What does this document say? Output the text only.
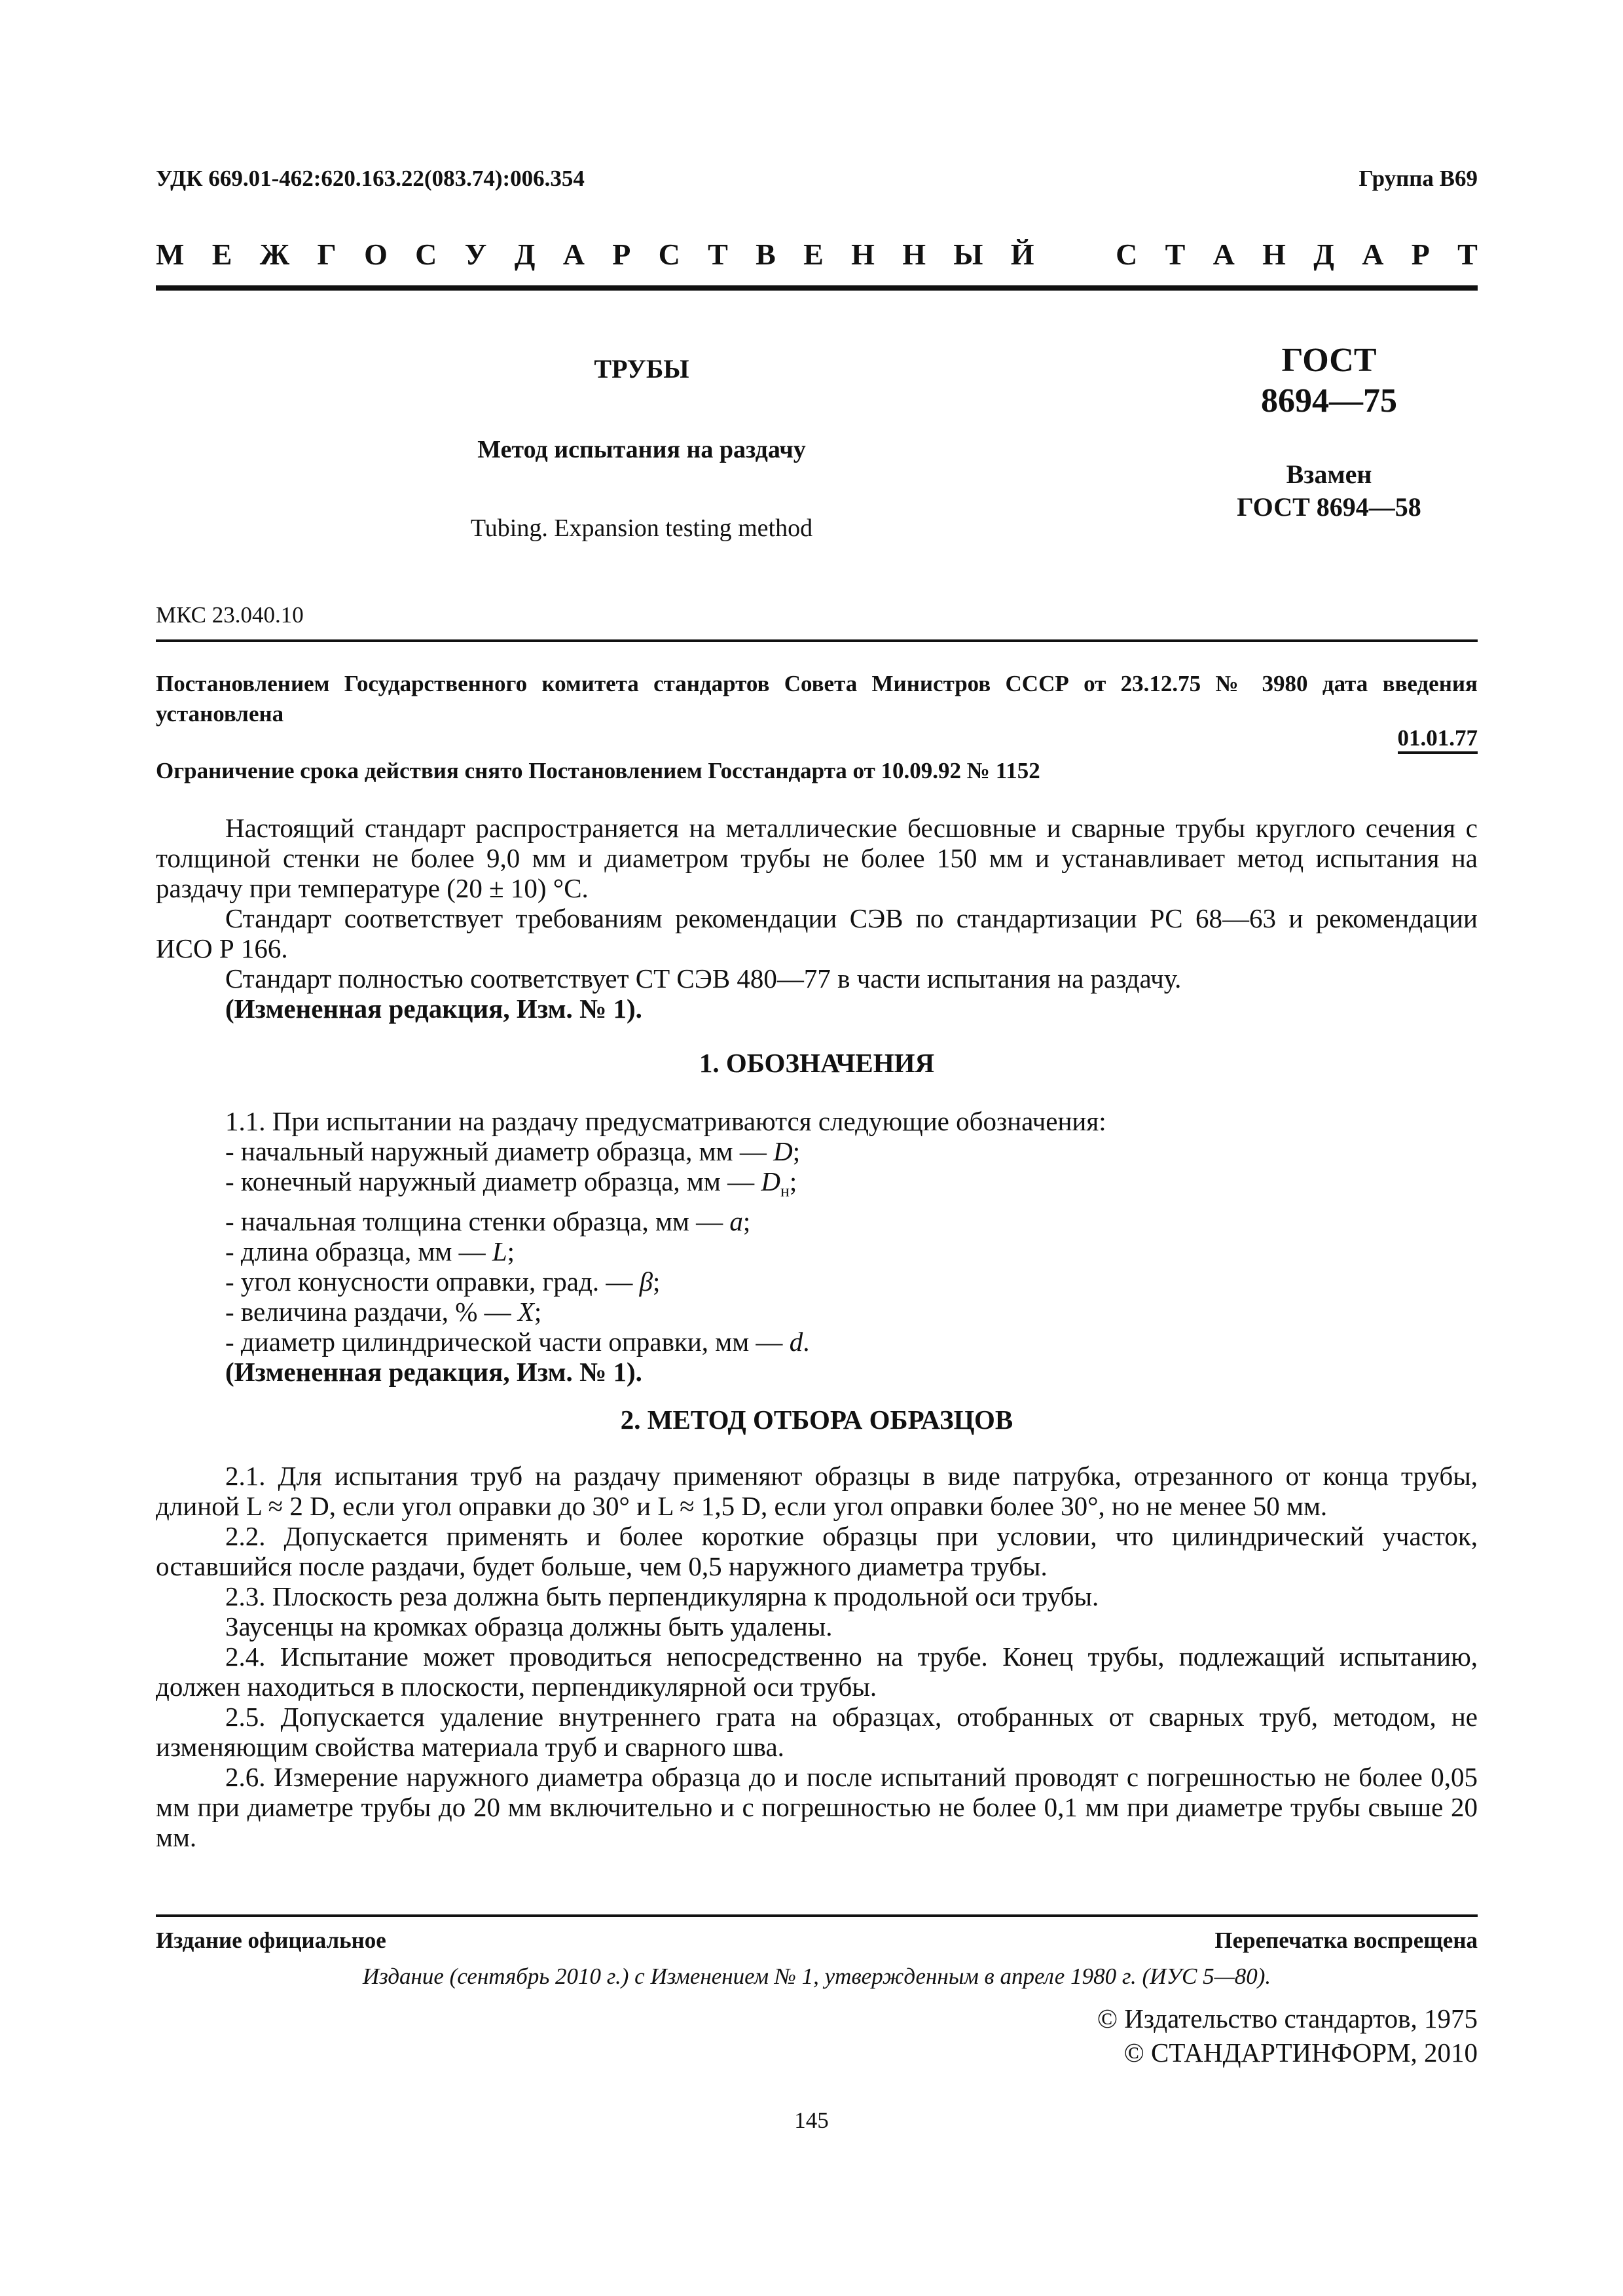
УДК 669.01-462:620.163.22(083.74):006.354	Группа В69
М Е Ж Г О С У Д А Р С Т В Е Н Н Ы Й	С Т А Н Д А Р Т
ТРУБЫ
Метод испытания на раздачу
Tubing. Expansion testing method
ГОСТ
8694—75
Взамен
ГОСТ 8694—58
МКС 23.040.10
Постановлением Государственного комитета стандартов Совета Министров СССР от 23.12.75 № 3980 дата введения установлена
01.01.77
Ограничение срока действия снято Постановлением Госстандарта от 10.09.92 № 1152

Настоящий стандарт распространяется на металлические бесшовные и сварные трубы круглого сечения с толщиной стенки не более 9,0 мм и диаметром трубы не более 150 мм и устанавливает метод испытания на раздачу при температуре (20 ± 10) °С.

Стандарт соответствует требованиям рекомендации СЭВ по стандартизации РС 68—63 и рекомендации ИСО Р 166.

Стандарт полностью соответствует СТ СЭВ 480—77 в части испытания на раздачу.

(Измененная редакция, Изм. № 1).

1. ОБОЗНАЧЕНИЯ

1.1. При испытании на раздачу предусматриваются следующие обозначения:

- начальный наружный диаметр образца, мм — D;

- конечный наружный диаметр образца, мм — $D_н$;

- начальная толщина стенки образца, мм — a;

- длина образца, мм — L;

- угол конусности оправки, град. — β;

- величина раздачи, % — X;

- диаметр цилиндрической части оправки, мм — d.

(Измененная редакция, Изм. № 1).

2. МЕТОД ОТБОРА ОБРАЗЦОВ

2.1. Для испытания труб на раздачу применяют образцы в виде патрубка, отрезанного от конца трубы, длиной L ≈ 2 D, если угол оправки до 30° и L ≈ 1,5 D, если угол оправки более 30°, но не менее 50 мм.

2.2. Допускается применять и более короткие образцы при условии, что цилиндрический участок, оставшийся после раздачи, будет больше, чем 0,5 наружного диаметра трубы.

2.3. Плоскость реза должна быть перпендикулярна к продольной оси трубы.

Заусенцы на кромках образца должны быть удалены.

2.4. Испытание может проводиться непосредственно на трубе. Конец трубы, подлежащий испытанию, должен находиться в плоскости, перпендикулярной оси трубы.

2.5. Допускается удаление внутреннего грата на образцах, отобранных от сварных труб, методом, не изменяющим свойства материала труб и сварного шва.

2.6. Измерение наружного диаметра образца до и после испытаний проводят с погрешностью не более 0,05 мм при диаметре трубы до 20 мм включительно и с погрешностью не более 0,1 мм при диаметре трубы свыше 20 мм.

Издание официальное	Перепечатка воспрещена
Издание (сентябрь 2010 г.) с Изменением № 1, утвержденным в апреле 1980 г. (ИУС 5—80).
© Издательство стандартов, 1975
© СТАНДАРТИНФОРМ, 2010
145
